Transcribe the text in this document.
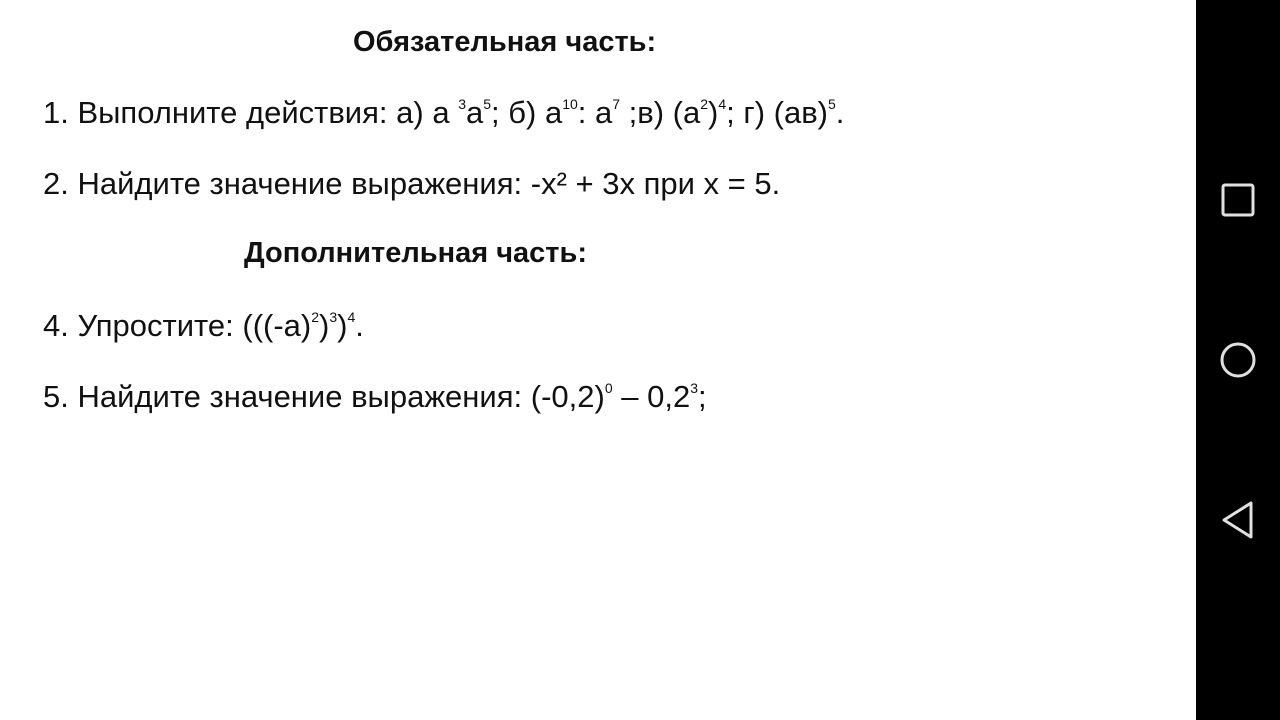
Обязательная часть:
1. Выполните действия: а) а $^3а^5$; б) $а^{10}$: $а^7$ ;в) $(а^2)^4$; г) (ав)$^5$.
2. Найдите значение выражения: -х² + 3х при х = 5.
Дополнительная часть:
4. Упростите: $(((-а)^2)^3)^4$.
5. Найдите значение выражения: $(-0,2)^0 - 0,2^3$;
